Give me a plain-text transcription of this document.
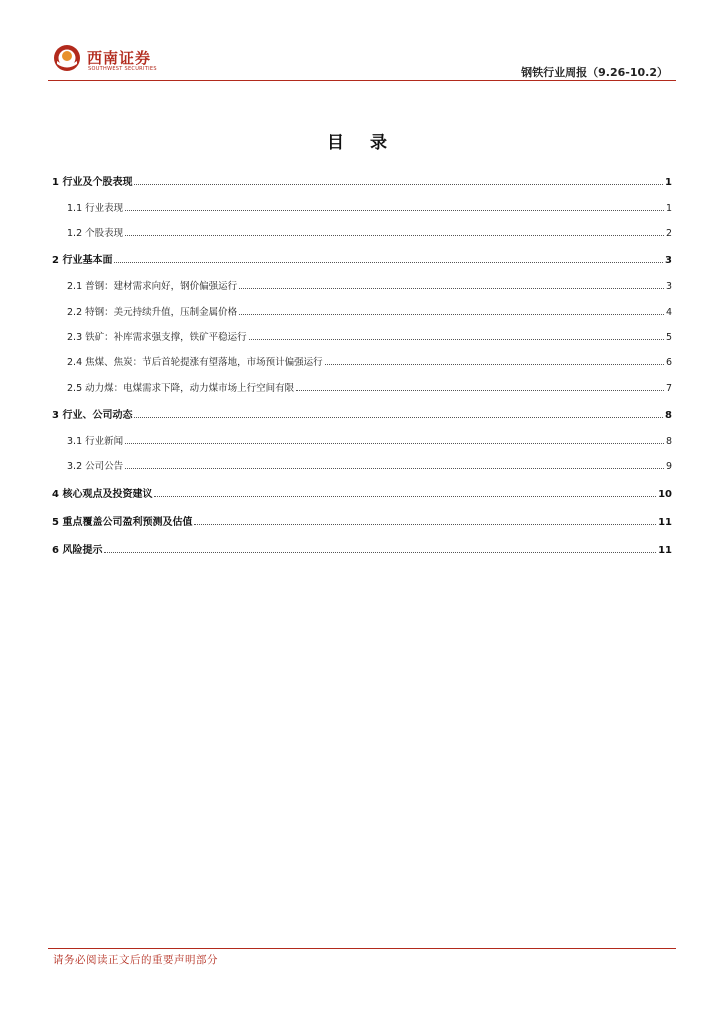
西南证券
SOUTHWEST SECURITIES	钢铁行业周报（9.26-10.2）
目 录
1 行业及个股表现	1
1.1 行业表现	1
1.2 个股表现	2
2 行业基本面	3
2.1 普钢：建材需求向好，钢价偏强运行	3
2.2 特钢：美元持续升值，压制金属价格	4
2.3 铁矿：补库需求强支撑，铁矿平稳运行	5
2.4 焦煤、焦炭：节后首轮提涨有望落地，市场预计偏强运行	6
2.5 动力煤：电煤需求下降，动力煤市场上行空间有限	7
3 行业、公司动态	8
3.1 行业新闻	8
3.2 公司公告	9
4 核心观点及投资建议	10
5 重点覆盖公司盈利预测及估值	11
6 风险提示	11
请务必阅读正文后的重要声明部分
